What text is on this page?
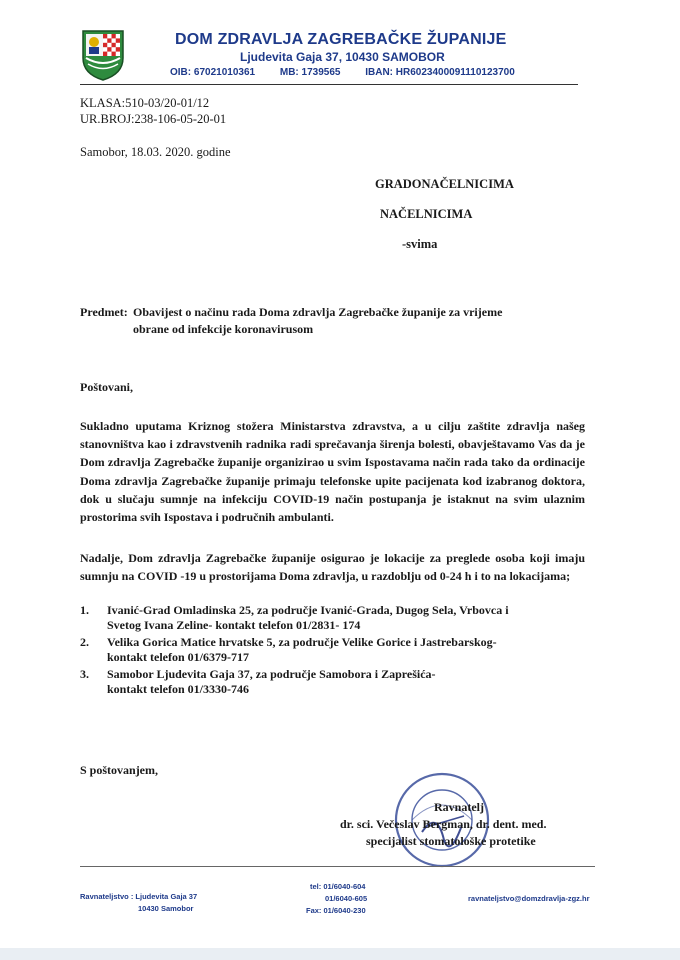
DOM ZDRAVLJA ZAGREBAČKE ŽUPANIJE
Ljudevita Gaja 37, 10430 SAMOBOR
OIB: 67021010361 MB: 1739565 IBAN: HR6023400091110123700
KLASA:510-03/20-01/12
UR.BROJ:238-106-05-20-01
Samobor, 18.03. 2020. godine
GRADONAČELNICIMA
NAČELNICIMA
-svima
Predmet: Obavijest o načinu rada Doma zdravlja Zagrebačke županije za vrijeme
obrane od infekcije koronavirusom
Poštovani,
Sukladno uputama Kriznog stožera Ministarstva zdravstva, a u cilju zaštite zdravlja našeg stanovništva kao i zdravstvenih radnika radi sprečavanja širenja bolesti, obavještavamo Vas da je Dom zdravlja Zagrebačke županije organizirao u svim Ispostavama način rada tako da ordinacije Doma zdravlja Zagrebačke županije primaju telefonske upite pacijenata kod izabranog doktora, dok u slučaju sumnje na infekciju COVID-19 način postupanja je istaknut na svim ulaznim prostorima svih Ispostava i područnih ambulanti.
Nadalje, Dom zdravlja Zagrebačke županije osigurao je lokacije za preglede osoba koji imaju sumnju na COVID -19 u prostorijama Doma zdravlja, u razdoblju od 0-24 h i to na lokacijama;
1.	Ivanić-Grad Omladinska 25, za područje Ivanić-Grada, Dugog Sela, Vrbovca i
Svetog Ivana Zeline- kontakt telefon 01/2831- 174
2.	Velika Gorica Matice hrvatske 5, za područje Velike Gorice i Jastrebarskog-
kontakt telefon 01/6379-717
3.	Samobor Ljudevita Gaja 37, za područje Samobora i Zaprešića-
kontakt telefon 01/3330-746
S poštovanjem,
Ravnatelj
dr. sci. Večeslav Bergman, dr. dent. med.
specijalist stomatološke protetike
Ravnateljstvo : Ljudevita Gaja 37
10430 Samobor
tel: 01/6040-604
01/6040-605
Fax: 01/6040-230
ravnateljstvo@domzdravlja-zgz.hr
